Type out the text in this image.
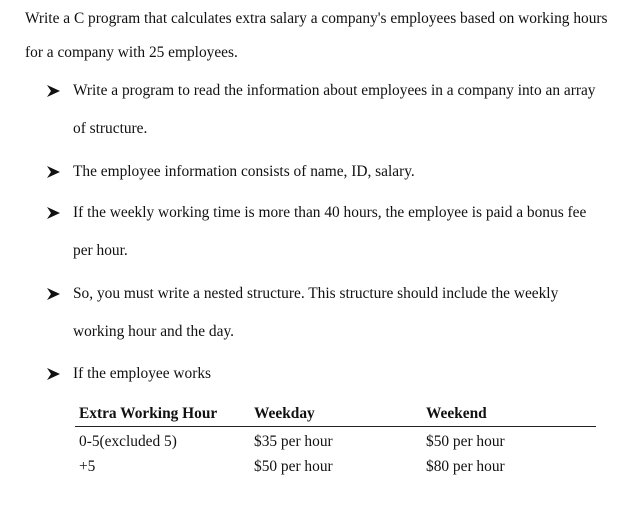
Write a C program that calculates extra salary a company's employees based on working hours for a company with 25 employees.

Write a program to read the information about employees in a company into an array of structure.
The employee information consists of name, ID, salary.
If the weekly working time is more than 40 hours, the employee is paid a bonus fee per hour.
So, you must write a nested structure. This structure should include the weekly working hour and the day.
If the employee works
Extra Working Hour	Weekday	Weekend
0-5(excluded 5)	$35 per hour	$50 per hour
+5	$50 per hour	$80 per hour
